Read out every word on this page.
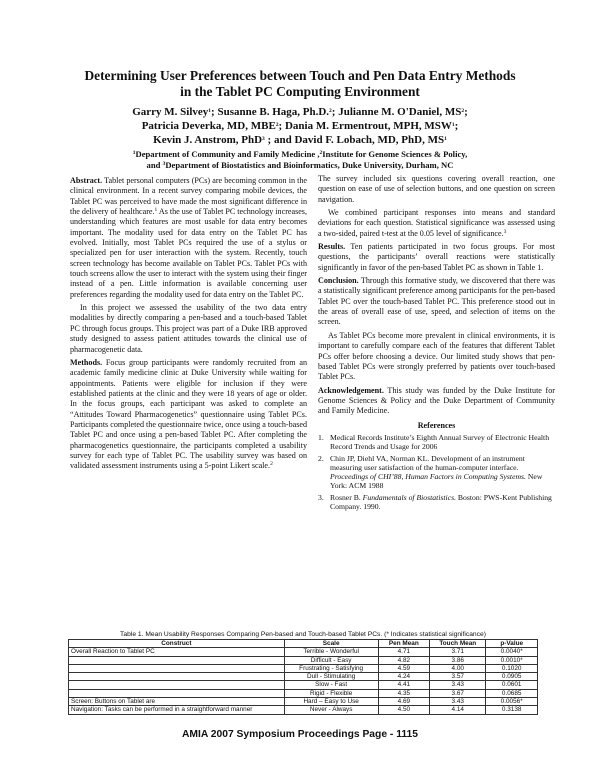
Determining User Preferences between Touch and Pen Data Entry Methods
in the Tablet PC Computing Environment
Garry M. Silvey$^1$; Susanne B. Haga, Ph.D.$^2$; Julianne M. O'Daniel, $MS^2$;
Patricia Deverka, MD, MBE$^2$; Dania M. Ermentrout, MPH, MSW$^1$;
Kevin J. Anstrom, PhD$^3$ ; and David F. Lobach, MD, PhD, $MS^1$
$^1$Department of Community and Family Medicine ,$^2$Institute for Genome Sciences & Policy,
and $^3$Department of Biostatistics and Bioinformatics, Duke University, Durham, NC

Abstract. Tablet personal computers (PCs) are becoming common in the clinical environment. In a recent survey comparing mobile devices, the Tablet PC was perceived to have made the most significant difference in the delivery of healthcare.$^1$ As the use of Tablet PC technology increases, understanding which features are most usable for data entry becomes important. The modality used for data entry on the Tablet PC has evolved. Initially, most Tablet PCs required the use of a stylus or specialized pen for user interaction with the system. Recently, touch screen technology has become available on Tablet PCs. Tablet PCs with touch screens allow the user to interact with the system using their finger instead of a pen. Little information is available concerning user preferences regarding the modality used for data entry on the Tablet PC.

In this project we assessed the usability of the two data entry modalities by directly comparing a pen-based and a touch-based Tablet PC through focus groups. This project was part of a Duke IRB approved study designed to assess patient attitudes towards the clinical use of pharmacogenetic data.

Methods. Focus group participants were randomly recruited from an academic family medicine clinic at Duke University while waiting for appointments. Patients were eligible for inclusion if they were established patients at the clinic and they were 18 years of age or older. In the focus groups, each participant was asked to complete an “Attitudes Toward Pharmacogenetics” questionnaire using Tablet PCs. Participants completed the questionnaire twice, once using a touch-based Tablet PC and once using a pen-based Tablet PC. After completing the pharmacogenetics questionnaire, the participants completed a usability survey for each type of Tablet PC. The usability survey was based on validated assessment instruments using a 5-point Likert scale.$^2$

The survey included six questions covering overall reaction, one question on ease of use of selection buttons, and one question on screen navigation.

We combined participant responses into means and standard deviations for each question. Statistical significance was assessed using a two-sided, paired t-test at the 0.05 level of significance.$^3$

Results. Ten patients participated in two focus groups. For most questions, the participants’ overall reactions were statistically significantly in favor of the pen-based Tablet PC as shown in Table 1.

Conclusion. Through this formative study, we discovered that there was a statistically significant preference among participants for the pen-based Tablet PC over the touch-based Tablet PC. This preference stood out in the areas of overall ease of use, speed, and selection of items on the screen.

As Tablet PCs become more prevalent in clinical environments, it is important to carefully compare each of the features that different Tablet PCs offer before choosing a device. Our limited study shows that pen-based Tablet PCs were strongly preferred by patients over touch-based Tablet PCs.

Acknowledgement. This study was funded by the Duke Institute for Genome Sciences & Policy and the Duke Department of Community and Family Medicine.

References
1. Medical Records Institute’s Eighth Annual Survey of Electronic Health Record Trends and Usage for 2006
2. Chin JP, Diehl VA, Norman KL. Development of an instrument measuring user satisfaction of the human-computer interface. Proceedings of CHI’88, Human Factors in Computing Systems. New York: ACM 1988
3. Rosner B. Fundamentals of Biostatistics. Boston: PWS-Kent Publishing Company. 1990.
Table 1. Mean Usability Responses Comparing Pen-based and Touch-based Tablet PCs. (* Indicates statistical significance)
Construct	Scale	Pen Mean	Touch Mean	p-Value
Overall Reaction to Tablet PC	Terrible - Wonderful	4.71	3.71	0.0040*
	Difficult - Easy	4.82	3.86	0.0010*
	Frustrating - Satisfying	4.59	4.00	0.1020
	Dull - Stimulating	4.24	3.57	0.0905
	Slow - Fast	4.41	3.43	0.0601
	Rigid - Flexible	4.35	3.67	0.0685
Screen: Buttons on Tablet are	Hard – Easy to Use	4.69	3.43	0.0056*
Navigation: Tasks can be performed in a straightforward manner	Never - Always	4.50	4.14	0.3138
AMIA 2007 Symposium Proceedings Page - 1115
